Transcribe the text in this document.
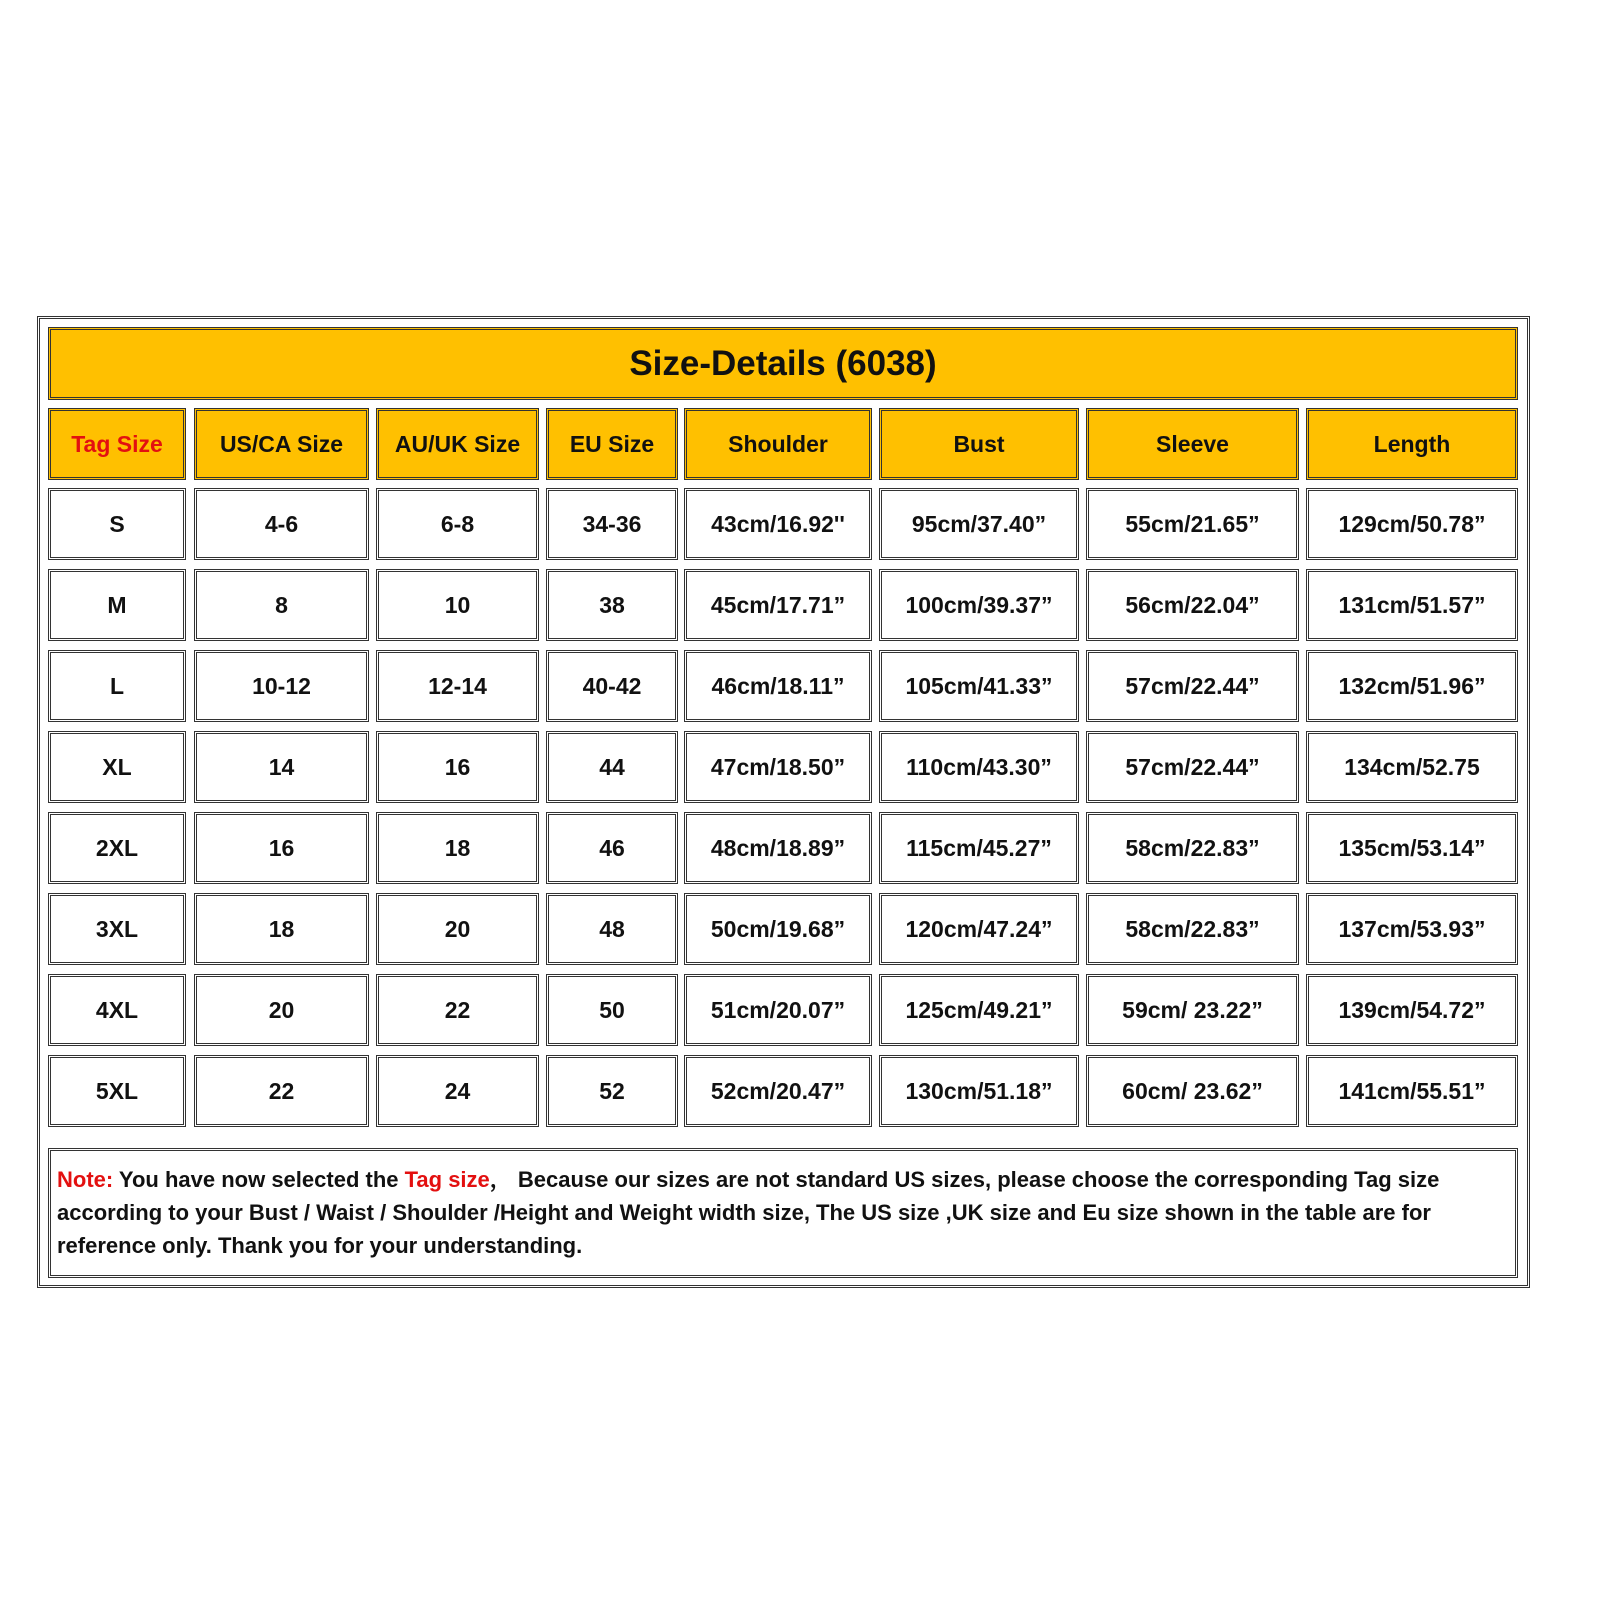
Size-Details (6038)
Tag Size	US/CA Size	AU/UK Size	EU Size	Shoulder	Bust	Sleeve	Length
S	4-6	6-8	34-36	43cm/16.92''	95cm/37.40”	55cm/21.65”	129cm/50.78”
M	8	10	38	45cm/17.71”	100cm/39.37”	56cm/22.04”	131cm/51.57”
L	10-12	12-14	40-42	46cm/18.11”	105cm/41.33”	57cm/22.44”	132cm/51.96”
XL	14	16	44	47cm/18.50”	110cm/43.30”	57cm/22.44”	134cm/52.75
2XL	16	18	46	48cm/18.89”	115cm/45.27”	58cm/22.83”	135cm/53.14”
3XL	18	20	48	50cm/19.68”	120cm/47.24”	58cm/22.83”	137cm/53.93”
4XL	20	22	50	51cm/20.07”	125cm/49.21”	59cm/ 23.22”	139cm/54.72”
5XL	22	24	52	52cm/20.47”	130cm/51.18”	60cm/ 23.62”	141cm/55.51”
Note: You have now selected the Tag size， Because our sizes are not standard US sizes, please choose the corresponding Tag size according to your Bust / Waist / Shoulder /Height and Weight width size, The US size ,UK size and Eu size shown in the table are for reference only. Thank you for your understanding.
